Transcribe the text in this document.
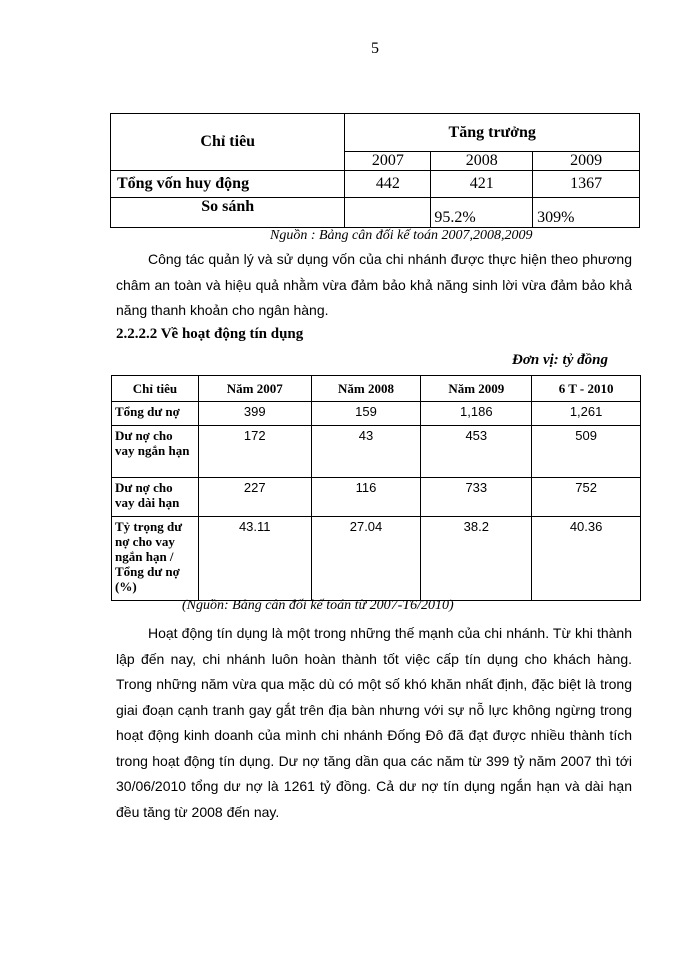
5
Chỉ tiêu	Tăng trưởng		
	2007	2008	2009
Tổng vốn huy động	442	421	1367
So sánh		95.2%	309%
Nguồn : Bảng cân đối kế toán 2007,2008,2009
Công tác quản lý và sử dụng vốn của chi nhánh được thực hiện theo phương châm an toàn và hiệu quả nhằm vừa đảm bảo khả năng sinh lời vừa đảm bảo khả năng thanh khoản cho ngân hàng.
2.2.2.2 Về hoạt động tín dụng
Đơn vị: tỷ đồng
Chỉ tiêu	Năm 2007	Năm 2008	Năm 2009	6 T - 2010
Tổng dư nợ	399	159	1,186	1,261
Dư nợ cho vay ngắn hạn	172	43	453	509
Dư nợ cho vay dài hạn	227	116	733	752
Tỷ trọng dư nợ cho vay ngắn hạn / Tổng dư nợ (%)	43.11	27.04	38.2	40.36
(Nguồn: Bảng cân đối kế toán từ 2007-T6/2010)
Hoạt động tín dụng là một trong những thế mạnh của chi nhánh. Từ khi thành lập đến nay, chi nhánh luôn hoàn thành tốt việc cấp tín dụng cho khách hàng. Trong những năm vừa qua mặc dù có một số khó khăn nhất định, đặc biệt là trong giai đoạn cạnh tranh gay gắt trên địa bàn nhưng với sự nỗ lực không ngừng trong hoạt động kinh doanh của mình chi nhánh Đống Đô đã đạt được nhiều thành tích trong hoạt động tín dụng. Dư nợ tăng dần qua các năm từ 399 tỷ năm 2007 thì tới 30/06/2010 tổng dư nợ là 1261 tỷ đồng. Cả dư nợ tín dụng ngắn hạn và dài hạn đều tăng từ 2008 đến nay.
